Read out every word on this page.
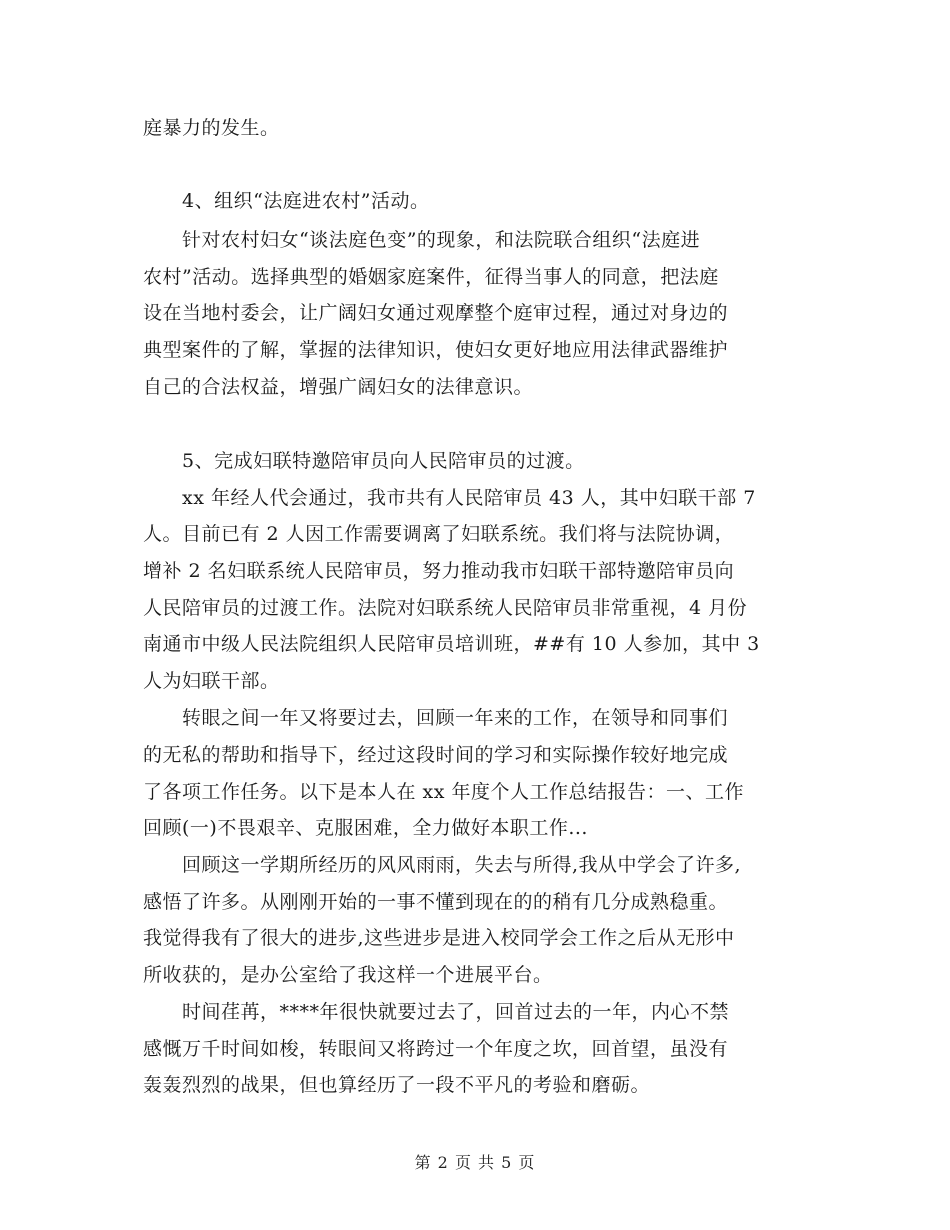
庭暴力的发生。

4、组织“法庭进农村”活动。

针对农村妇女“谈法庭色变”的现象，和法院联合组织“法庭进

农村”活动。选择典型的婚姻家庭案件，征得当事人的同意，把法庭

设在当地村委会，让广阔妇女通过观摩整个庭审过程，通过对身边的

典型案件的了解，掌握的法律知识，使妇女更好地应用法律武器维护

自己的合法权益，增强广阔妇女的法律意识。

5、完成妇联特邀陪审员向人民陪审员的过渡。

xx 年经人代会通过，我市共有人民陪审员 43 人，其中妇联干部 7

人。目前已有 2 人因工作需要调离了妇联系统。我们将与法院协调，

增补 2 名妇联系统人民陪审员，努力推动我市妇联干部特邀陪审员向

人民陪审员的过渡工作。法院对妇联系统人民陪审员非常重视，4 月份

南通市中级人民法院组织人民陪审员培训班，##有 10 人参加，其中 3

人为妇联干部。

转眼之间一年又将要过去，回顾一年来的工作，在领导和同事们

的无私的帮助和指导下，经过这段时间的学习和实际操作较好地完成

了各项工作任务。以下是本人在 xx 年度个人工作总结报告：一、工作

回顾(一)不畏艰辛、克服困难，全力做好本职工作...

回顾这一学期所经历的风风雨雨，失去与所得,我从中学会了许多,

感悟了许多。从刚刚开始的一事不懂到现在的的稍有几分成熟稳重。

我觉得我有了很大的进步,这些进步是进入校同学会工作之后从无形中

所收获的，是办公室给了我这样一个进展平台。

时间荏苒，****年很快就要过去了，回首过去的一年，内心不禁

感慨万千时间如梭，转眼间又将跨过一个年度之坎，回首望，虽没有

轰轰烈烈的战果，但也算经历了一段不平凡的考验和磨砺。

第 2 页 共 5 页
